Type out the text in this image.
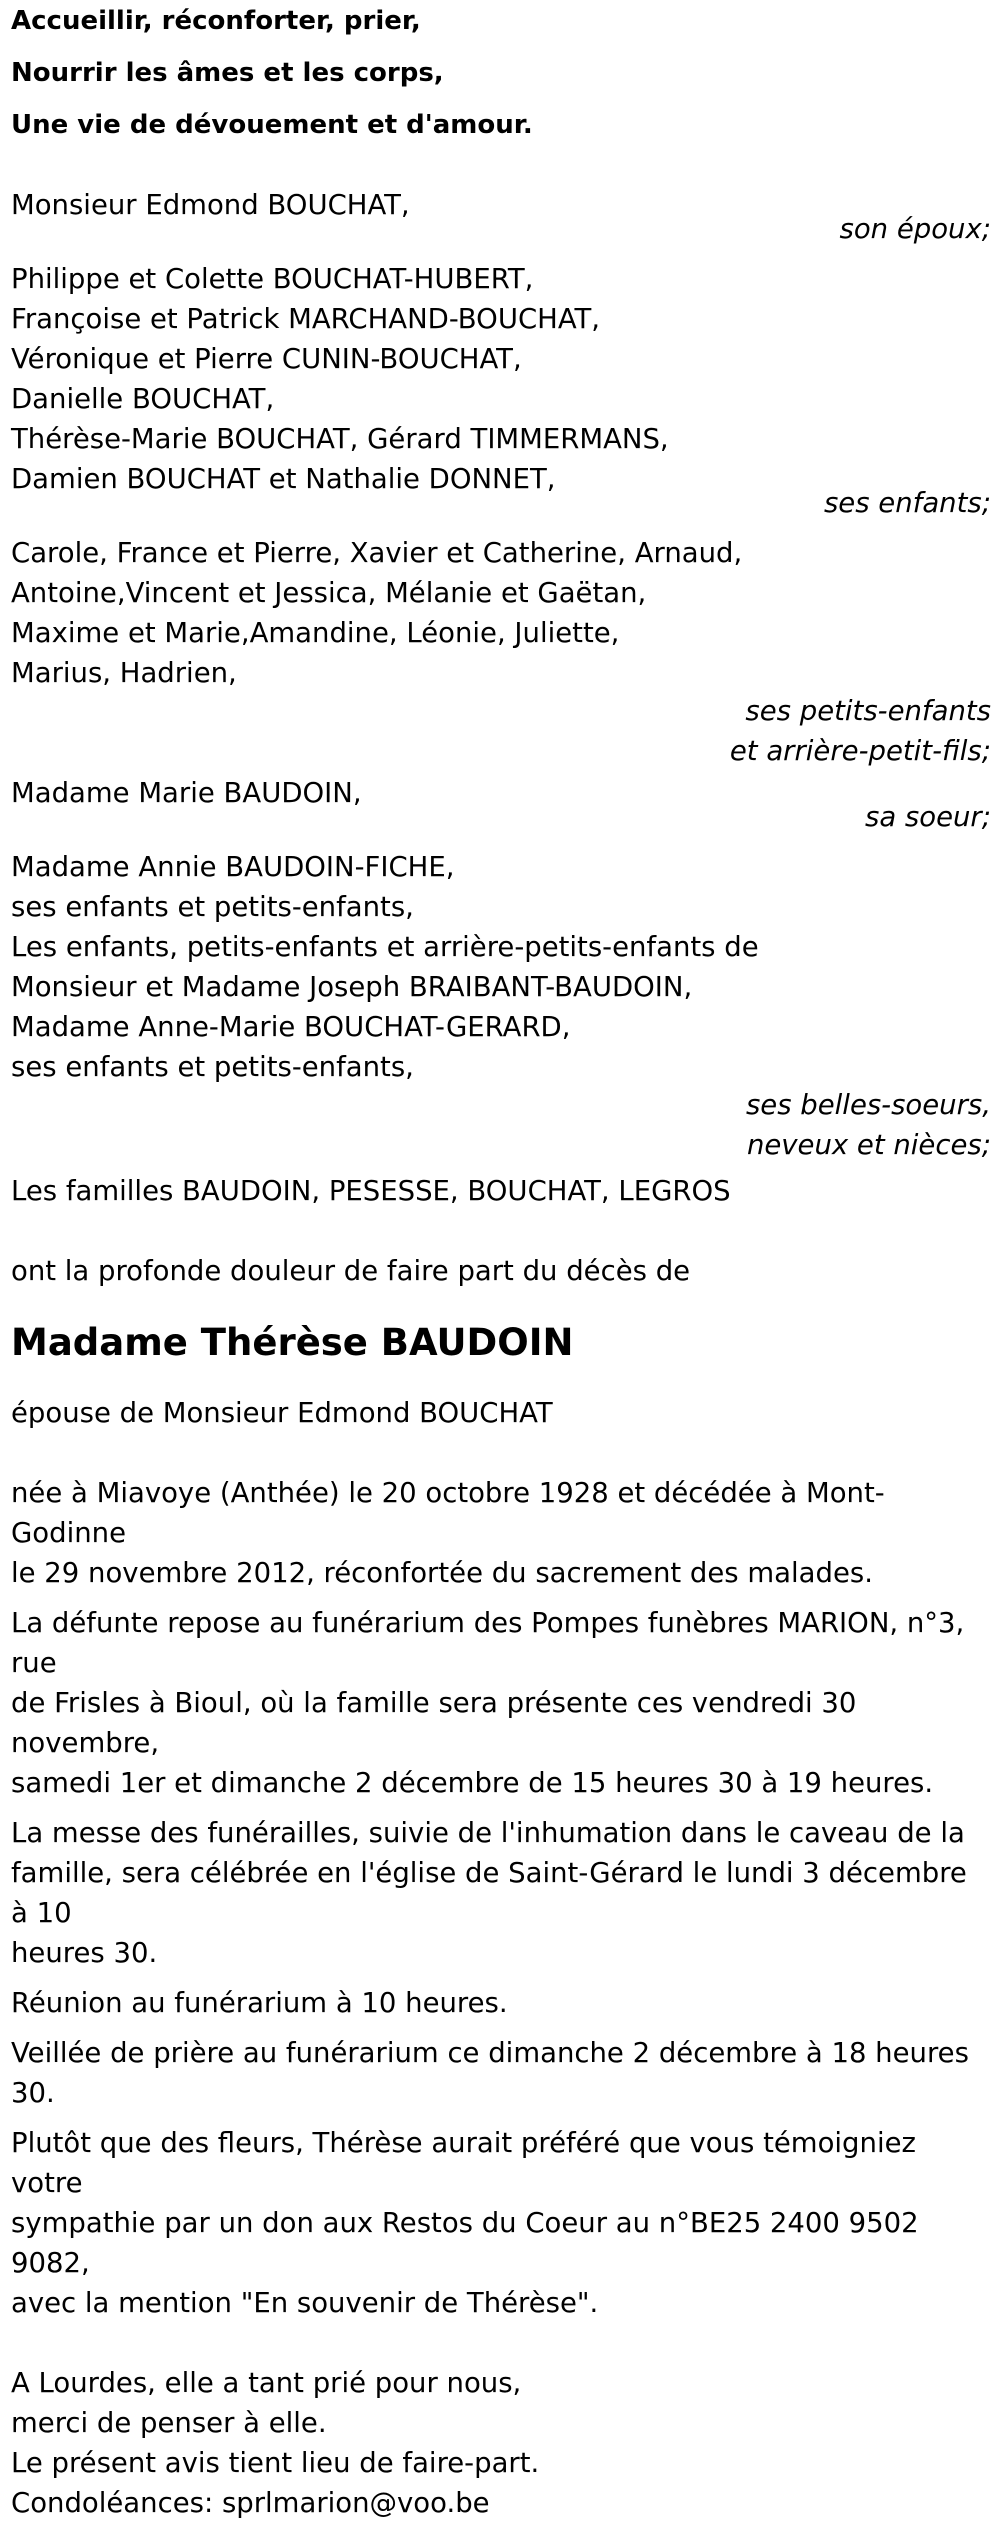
Accueillir, réconforter, prier,

Nourrir les âmes et les corps,

Une vie de dévouement et d'amour.

Monsieur Edmond BOUCHAT,

son époux;

Philippe et Colette BOUCHAT-HUBERT,

Françoise et Patrick MARCHAND-BOUCHAT,

Véronique et Pierre CUNIN-BOUCHAT,

Danielle BOUCHAT,

Thérèse-Marie BOUCHAT, Gérard TIMMERMANS,

Damien BOUCHAT et Nathalie DONNET,

ses enfants;

Carole, France et Pierre, Xavier et Catherine, Arnaud,

Antoine,Vincent et Jessica, Mélanie et Gaëtan,

Maxime et Marie,Amandine, Léonie, Juliette,

Marius, Hadrien,

ses petits-enfants

et arrière-petit-fils;

Madame Marie BAUDOIN,

sa soeur;

Madame Annie BAUDOIN-FICHE,

ses enfants et petits-enfants,

Les enfants, petits-enfants et arrière-petits-enfants de

Monsieur et Madame Joseph BRAIBANT-BAUDOIN,

Madame Anne-Marie BOUCHAT-GERARD,

ses enfants et petits-enfants,

ses belles-soeurs,

neveux et nièces;

Les familles BAUDOIN, PESESSE, BOUCHAT, LEGROS

ont la profonde douleur de faire part du décès de

Madame Thérèse BAUDOIN

épouse de Monsieur Edmond BOUCHAT

née à Miavoye (Anthée) le 20 octobre 1928 et décédée à Mont-Godinne

le 29 novembre 2012, réconfortée du sacrement des malades.

La défunte repose au funérarium des Pompes funèbres MARION, n°3, rue

de Frisles à Bioul, où la famille sera présente ces vendredi 30 novembre,

samedi 1er et dimanche 2 décembre de 15 heures 30 à 19 heures.

La messe des funérailles, suivie de l'inhumation dans le caveau de la

famille, sera célébrée en l'église de Saint-Gérard le lundi 3 décembre à 10

heures 30.

Réunion au funérarium à 10 heures.

Veillée de prière au funérarium ce dimanche 2 décembre à 18 heures 30.

Plutôt que des fleurs, Thérèse aurait préféré que vous témoigniez votre

sympathie par un don aux Restos du Coeur au n°BE25 2400 9502 9082,

avec la mention "En souvenir de Thérèse".

A Lourdes, elle a tant prié pour nous,

merci de penser à elle.

Le présent avis tient lieu de faire-part.

Condoléances: sprlmarion@voo.be
